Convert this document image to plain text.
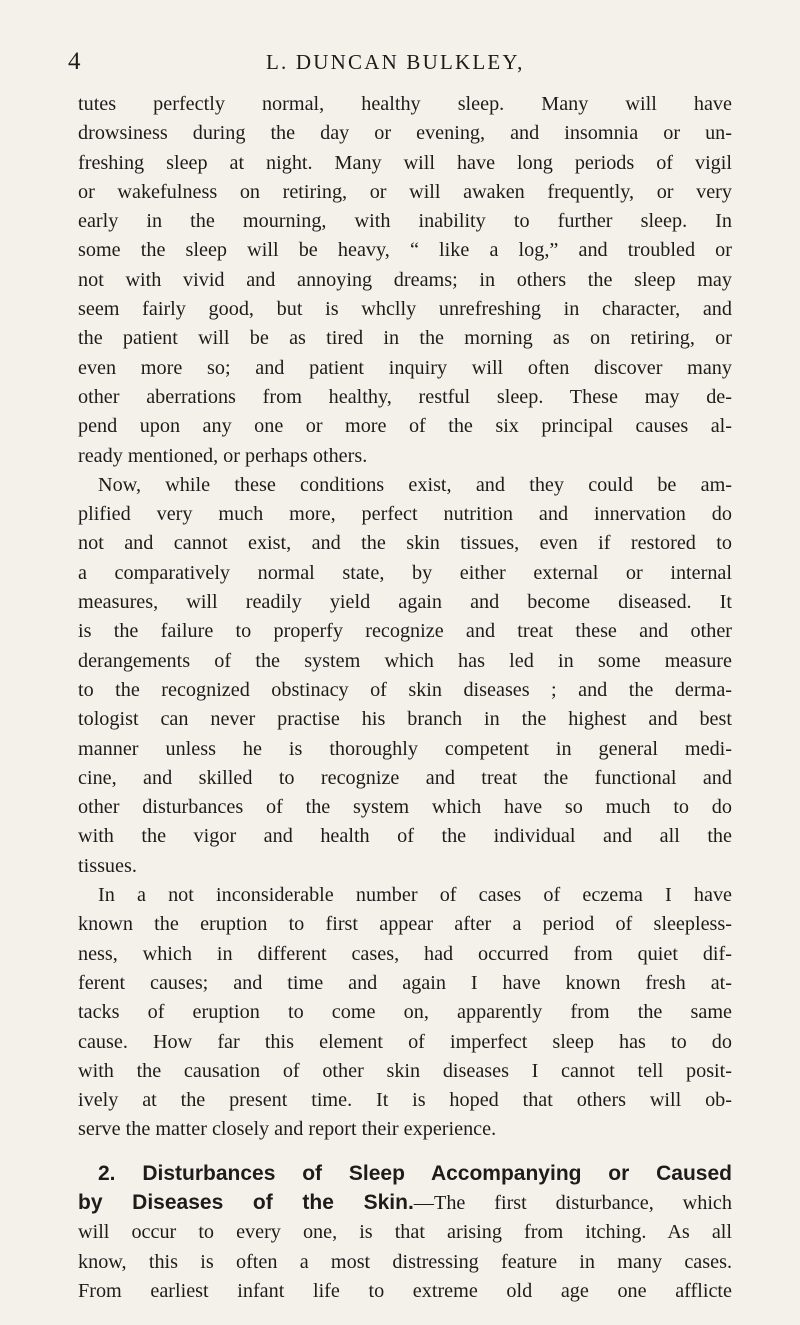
4	L. DUNCAN BULKLEY,
tutes perfectly normal, healthy sleep. Many will have
drowsiness during the day or evening, and insomnia or un-
freshing sleep at night. Many will have long periods of vigil
or wakefulness on retiring, or will awaken frequently, or very
early in the mourning, with inability to further sleep. In
some the sleep will be heavy, “ like a log,” and troubled or
not with vivid and annoying dreams; in others the sleep may
seem fairly good, but is whclly unrefreshing in character, and
the patient will be as tired in the morning as on retiring, or
even more so; and patient inquiry will often discover many
other aberrations from healthy, restful sleep. These may de-
pend upon any one or more of the six principal causes al-
ready mentioned, or perhaps others.
Now, while these conditions exist, and they could be am-
plified very much more, perfect nutrition and innervation do
not and cannot exist, and the skin tissues, even if restored to
a comparatively normal state, by either external or internal
measures, will readily yield again and become diseased. It
is the failure to properfy recognize and treat these and other
derangements of the system which has led in some measure
to the recognized obstinacy of skin diseases ; and the derma-
tologist can never practise his branch in the highest and best
manner unless he is thoroughly competent in general medi-
cine, and skilled to recognize and treat the functional and
other disturbances of the system which have so much to do
with the vigor and health of the individual and all the
tissues.
In a not inconsiderable number of cases of eczema I have
known the eruption to first appear after a period of sleepless-
ness, which in different cases, had occurred from quiet dif-
ferent causes; and time and again I have known fresh at-
tacks of eruption to come on, apparently from the same
cause. How far this element of imperfect sleep has to do
with the causation of other skin diseases I cannot tell posit-
ively at the present time. It is hoped that others will ob-
serve the matter closely and report their experience.
2. Disturbances of Sleep Accompanying or Caused
by Diseases of the Skin.—The first disturbance, which
will occur to every one, is that arising from itching. As all
know, this is often a most distressing feature in many cases.
From earliest infant life to extreme old age one afflicte
